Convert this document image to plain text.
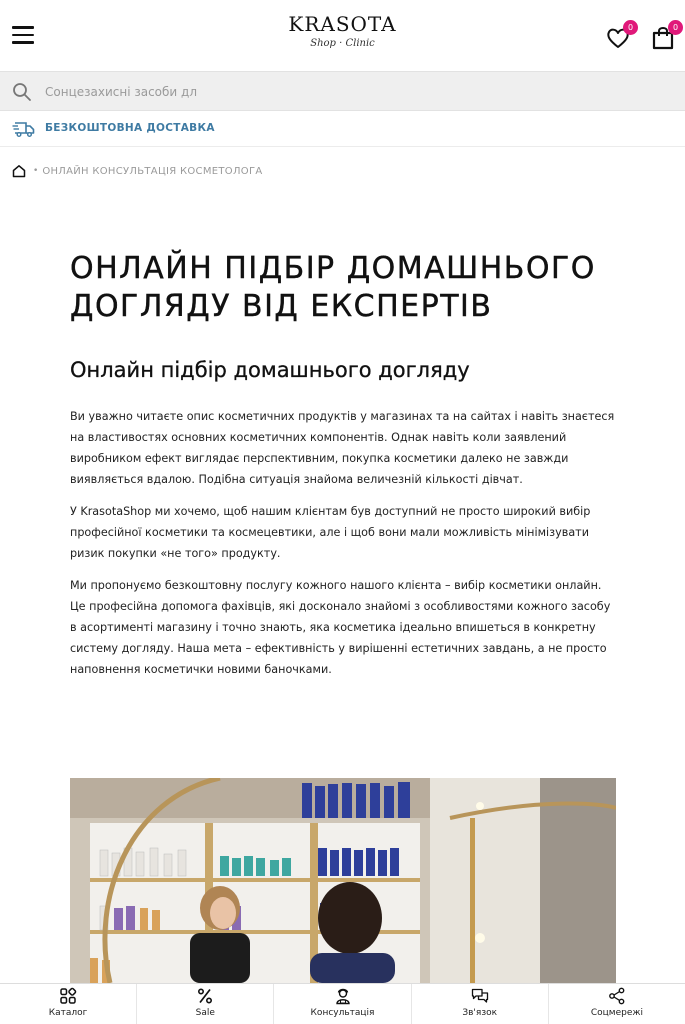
KRASOTA
Shop · Clinic
0	0
Сонцезахисні засоби дл
БЕЗКОШТОВНА ДОСТАВКА
• ОНЛАЙН КОНСУЛЬТАЦІЯ КОСМЕТОЛОГА
ОНЛАЙН ПІДБІР ДОМАШНЬОГО ДОГЛЯДУ ВІД ЕКСПЕРТІВ
Онлайн підбір домашнього догляду

Ви уважно читаєте опис косметичних продуктів у магазинах та на сайтах і навіть знаєтеся на властивостях основних косметичних компонентів. Однак навіть коли заявлений виробником ефект виглядає перспективним, покупка косметики далеко не завжди виявляється вдалою. Подібна ситуація знайома величезній кількості дівчат.

У KrasotaShop ми хочемо, щоб нашим клієнтам був доступний не просто широкий вибір професійної косметики та космецевтики, але і щоб вони мали можливість мінімізувати ризик покупки «не того» продукту.

Ми пропонуємо безкоштовну послугу кожного нашого клієнта – вибір косметики онлайн. Це професійна допомога фахівців, які досконало знайомі з особливостями кожного засобу в асортименті магазину і точно знають, яка косметика ідеально впишеться в конкретну систему догляду. Наша мета – ефективність у вирішенні естетичних завдань, а не просто наповнення косметички новими баночками.

Каталог	Sale	Консультація	Зв'язок	Соцмережі
